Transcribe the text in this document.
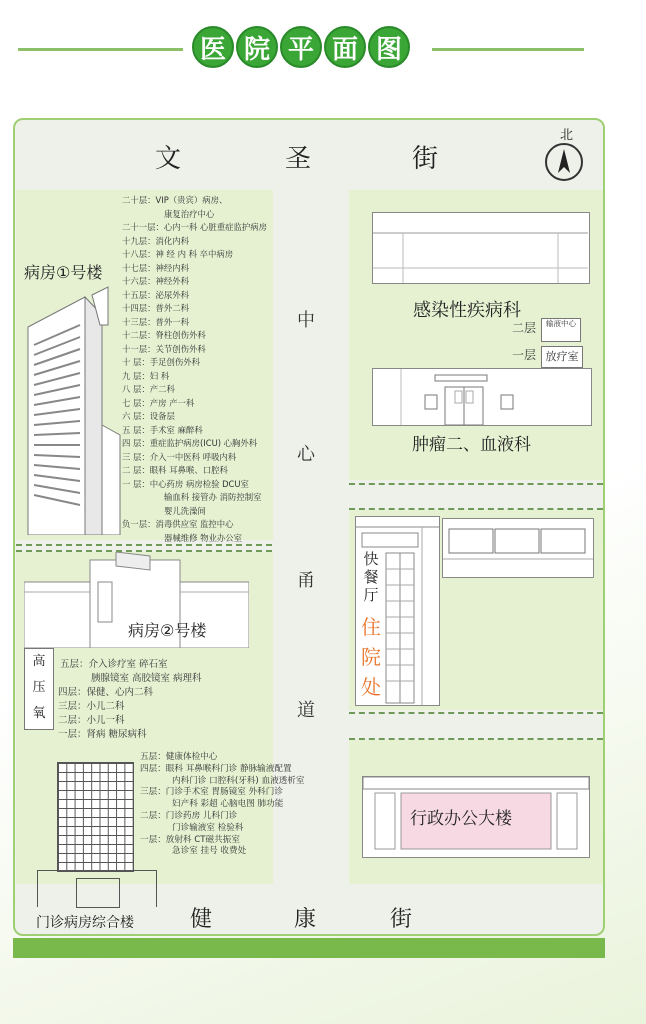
医 院 平 面 图
文	圣	街
健	康	街
中
心
甬
道
北
病房①号楼
二十层：VIP（贵宾）病房、
康复治疗中心
二十一层：心内一科 心脏重症监护病房
十九层：消化内科
十八层：神 经 内 科 卒中病房
十七层：神经内科
十六层：神经外科
十五层：泌尿外科
十四层：普外二科
十三层：普外一科
十二层：脊柱创伤外科
十一层：关节创伤外科
十 层：手足创伤外科
九 层：妇 科
八 层：产二科
七 层：产房 产一科
六 层：设备层
五 层：手术室 麻醉科
四 层：重症监护病房(ICU) 心胸外科
三 层：介入一中医科 呼吸内科
二 层：眼科 耳鼻喉、口腔科
一 层：中心药房 病房检验 DCU室
输血科 接管办 消防控制室
婴儿洗澡间
负一层：消毒供应室 监控中心
器械维修 物业办公室
病房②号楼
高
压
氧
五层：介入诊疗室 碎石室
胰腺镜室 高胶镜室 病理科
四层：保健、心内二科
三层：小儿二科
二层：小儿一科
一层：肾病 糖尿病科
门诊病房综合楼
五层：健康体检中心
四层：眼科 耳鼻喉科门诊 静脉输液配置
内科门诊 口腔科(牙科) 血液透析室
三层：门诊手术室 胃肠镜室 外科门诊
妇产科 彩超 心脑电图 肺功能
二层：门诊药房 儿科门诊
门诊输液室 检验科
一层：放射科 CT磁共振室
急诊室 挂号 收费处
感染性疾病科
二层	输液中心
一层 放疗室
肿瘤二、血液科
快
餐
厅
住
院
处
行政办公大楼
